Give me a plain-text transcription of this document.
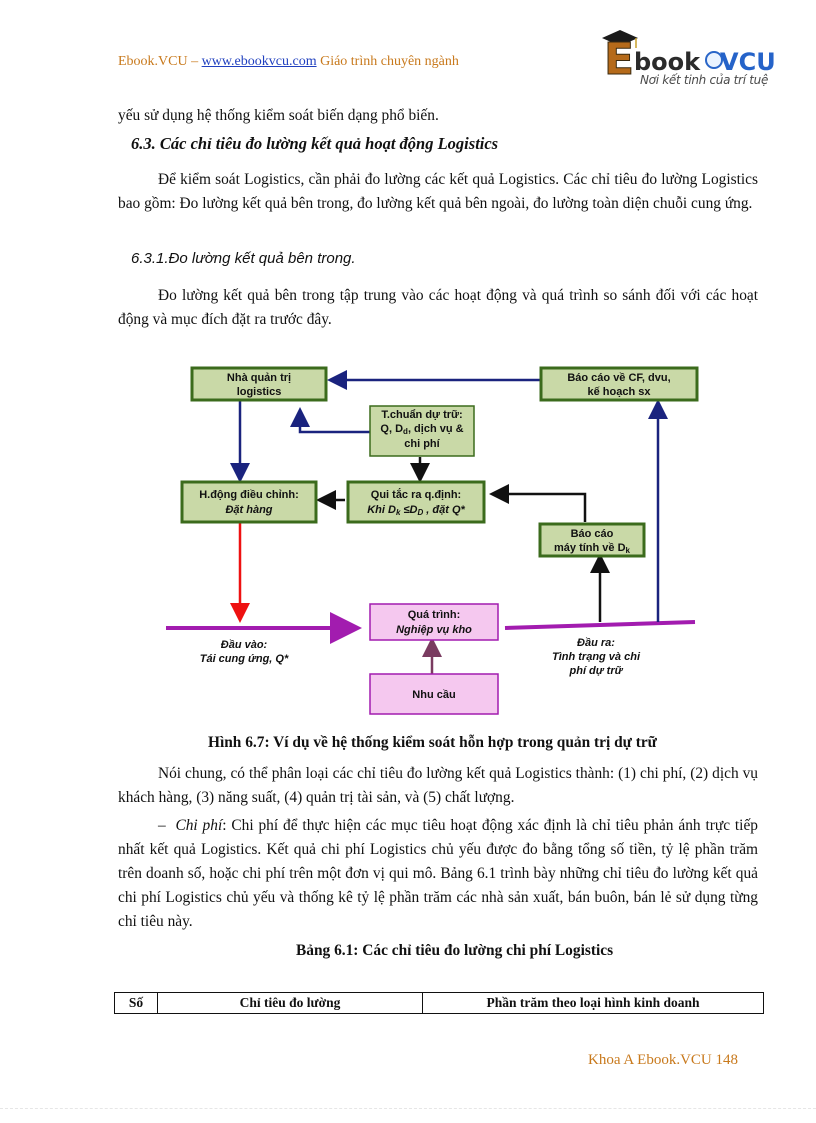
Ebook.VCU – www.ebookvcu.com Giáo trình chuyên ngành	E book VCU
Nơi kết tinh của trí tuệ
yếu sử dụng hệ thống kiểm soát biến dạng phổ biến.
6.3. Các chỉ tiêu đo lường kết quả hoạt động Logistics
Để kiểm soát Logistics, cần phải đo lường các kết quả Logistics. Các chỉ tiêu đo lường Logistics bao gồm: Đo lường kết quả bên trong, đo lường kết quả bên ngoài, đo lường toàn diện chuỗi cung ứng.
6.3.1.Đo lường kết quả bên trong.
Đo lường kết quả bên trong tập trung vào các hoạt động và quá trình so sánh đối với các hoạt động và mục đích đặt ra trước đây.
Nhà quản trị
logistics
Báo cáo về CF, dvu,
kế hoạch sx
T.chuẩn dự trữ:
Q, Dd, dịch vụ &
chi phí
H.động điều chỉnh:
Đặt hàng
Qui tắc ra q.định:
Khi Dk ≤DD , đặt Q*
Báo cáo
máy tính về Dk
Quá trình:
Nghiệp vụ kho
Nhu cầu
Đầu vào:
Tái cung ứng, Q*
Đầu ra:
Tình trạng và chi
phí dự trữ
Hình 6.7: Ví dụ về hệ thống kiểm soát hỗn hợp trong quản trị dự trữ
Nói chung, có thể phân loại các chỉ tiêu đo lường kết quả Logistics thành: (1) chi phí, (2) dịch vụ khách hàng, (3) năng suất, (4) quản trị tài sản, và (5) chất lượng.
– Chi phí: Chi phí để thực hiện các mục tiêu hoạt động xác định là chỉ tiêu phản ánh trực tiếp nhất kết quả Logistics. Kết quả chi phí Logistics chủ yếu được đo bằng tổng số tiền, tỷ lệ phần trăm trên doanh số, hoặc chi phí trên một đơn vị qui mô. Bảng 6.1 trình bày những chỉ tiêu đo lường kết quả chi phí Logistics chủ yếu và thống kê tỷ lệ phần trăm các nhà sản xuất, bán buôn, bán lẻ sử dụng từng chỉ tiêu này.
Bảng 6.1: Các chỉ tiêu đo lường chi phí Logistics
Số	Chỉ tiêu đo lường	Phần trăm theo loại hình kinh doanh
Khoa A Ebook.VCU 148
